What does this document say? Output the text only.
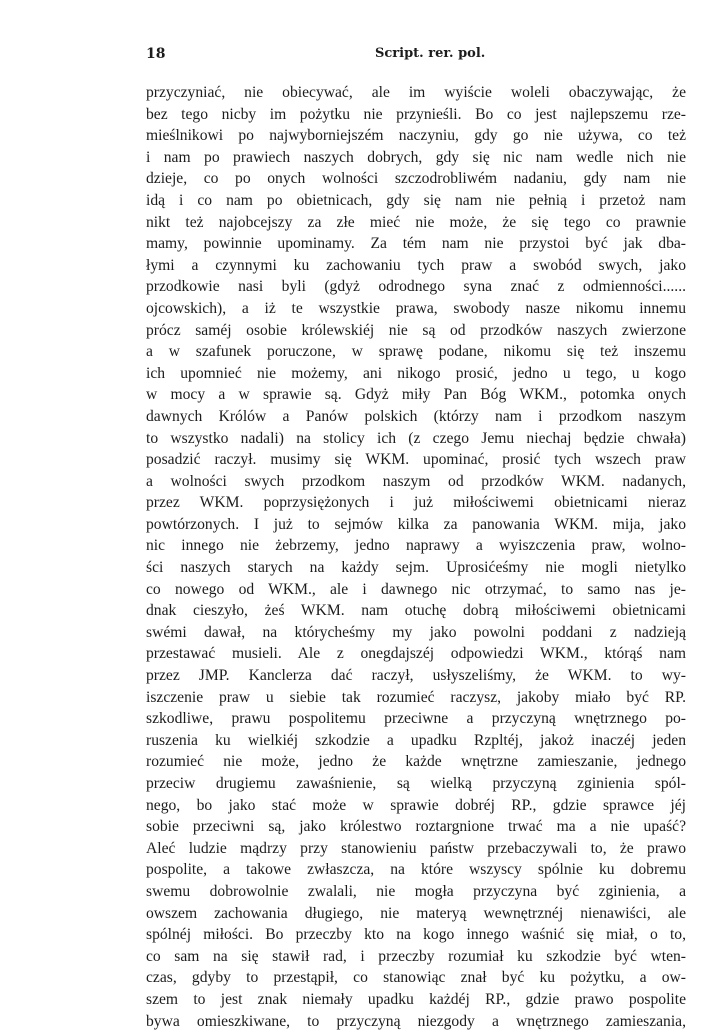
18	Script. rer. pol.
przyczyniać, nie obiecywać, ale im wyiście woleli obaczywając, że
bez tego nicby im pożytku nie przynieśli. Bo co jest najlepszemu rze-
mieślnikowi po najwyborniejszém naczyniu, gdy go nie używa, co też
i nam po prawiech naszych dobrych, gdy się nic nam wedle nich nie
dzieje, co po onych wolności szczodrobliwém nadaniu, gdy nam nie
idą i co nam po obietnicach, gdy się nam nie pełnią i przetoż nam
nikt też najobcejszy za złe mieć nie może, że się tego co prawnie
mamy, powinnie upominamy. Za tém nam nie przystoi być jak dba-
łymi a czynnymi ku zachowaniu tych praw a swobód swych, jako
przodkowie nasi byli (gdyż odrodnego syna znać z odmienności......
ojcowskich), a iż te wszystkie prawa, swobody nasze nikomu innemu
prócz saméj osobie królewskiéj nie są od przodków naszych zwierzone
a w szafunek poruczone, w sprawę podane, nikomu się też inszemu
ich upomnieć nie możemy, ani nikogo prosić, jedno u tego, u kogo
w mocy a w sprawie są. Gdyż miły Pan Bóg WKM., potomka onych
dawnych Królów a Panów polskich (którzy nam i przodkom naszym
to wszystko nadali) na stolicy ich (z czego Jemu niechaj będzie chwała)
posadzić raczył. musimy się WKM. upominać, prosić tych wszech praw
a wolności swych przodkom naszym od przodków WKM. nadanych,
przez WKM. poprzysiężonych i już miłościwemi obietnicami nieraz
powtórzonych. I już to sejmów kilka za panowania WKM. mija, jako
nic innego nie żebrzemy, jedno naprawy a wyiszczenia praw, wolno-
ści naszych starych na każdy sejm. Uprosićeśmy nie mogli nietylko
co nowego od WKM., ale i dawnego nic otrzymać, to samo nas je-
dnak cieszyło, żeś WKM. nam otuchę dobrą miłościwemi obietnicami
swémi dawał, na którycheśmy my jako powolni poddani z nadzieją
przestawać musieli. Ale z onegdajszéj odpowiedzi WKM., którąś nam
przez JMP. Kanclerza dać raczył, usłyszeliśmy, że WKM. to wy-
iszczenie praw u siebie tak rozumieć raczysz, jakoby miało być RP.
szkodliwe, prawu pospolitemu przeciwne a przyczyną wnętrznego po-
ruszenia ku wielkiéj szkodzie a upadku Rzpltéj, jakoż inaczéj jeden
rozumieć nie może, jedno że każde wnętrzne zamieszanie, jednego
przeciw drugiemu zawaśnienie, są wielką przyczyną zginienia spól-
nego, bo jako stać może w sprawie dobréj RP., gdzie sprawce jéj
sobie przeciwni są, jako królestwo roztargnione trwać ma a nie upaść?
Aleć ludzie mądrzy przy stanowieniu państw przebaczywali to, że prawo
pospolite, a takowe zwłaszcza, na które wszyscy spólnie ku dobremu
swemu dobrowolnie zwalali, nie mogła przyczyna być zginienia, a
owszem zachowania długiego, nie materyą wewnętrznéj nienawiści, ale
spólnéj miłości. Bo przeczby kto na kogo innego waśnić się miał, o to,
co sam na się stawił rad, i przeczby rozumiał ku szkodzie być wten-
czas, gdyby to przestąpił, co stanowiąc znał być ku pożytku, a ow-
szem to jest znak niemały upadku każdéj RP., gdzie prawo pospolite
bywa omieszkiwane, to przyczyną niezgody a wnętrznego zamieszania,
